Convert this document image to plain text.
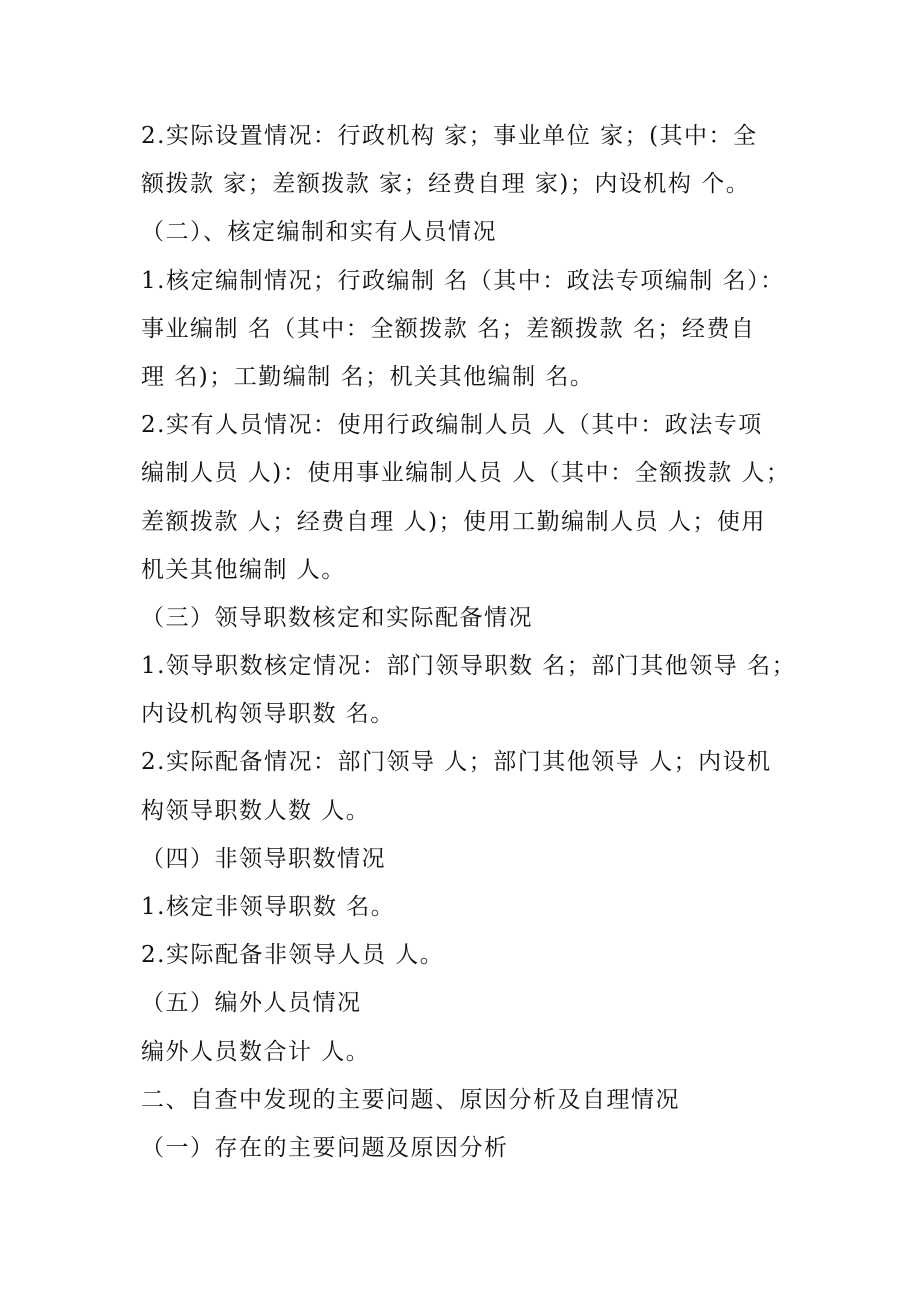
2.实际设置情况：行政机构 家；事业单位 家；(其中：全
额拨款 家；差额拨款 家；经费自理 家)；内设机构 个。
（二）、核定编制和实有人员情况
1.核定编制情况；行政编制 名（其中：政法专项编制 名）：
事业编制 名（其中：全额拨款 名；差额拨款 名；经费自
理 名)；工勤编制 名；机关其他编制 名。
2.实有人员情况：使用行政编制人员 人（其中：政法专项
编制人员 人)：使用事业编制人员 人（其中：全额拨款 人；
差额拨款 人；经费自理 人)；使用工勤编制人员 人；使用
机关其他编制 人。
（三）领导职数核定和实际配备情况
1.领导职数核定情况：部门领导职数 名；部门其他领导 名；
内设机构领导职数 名。
2.实际配备情况：部门领导 人；部门其他领导 人；内设机
构领导职数人数 人。
（四）非领导职数情况
1.核定非领导职数 名。
2.实际配备非领导人员 人。
（五）编外人员情况
编外人员数合计 人。
二、自查中发现的主要问题、原因分析及自理情况
（一）存在的主要问题及原因分析
